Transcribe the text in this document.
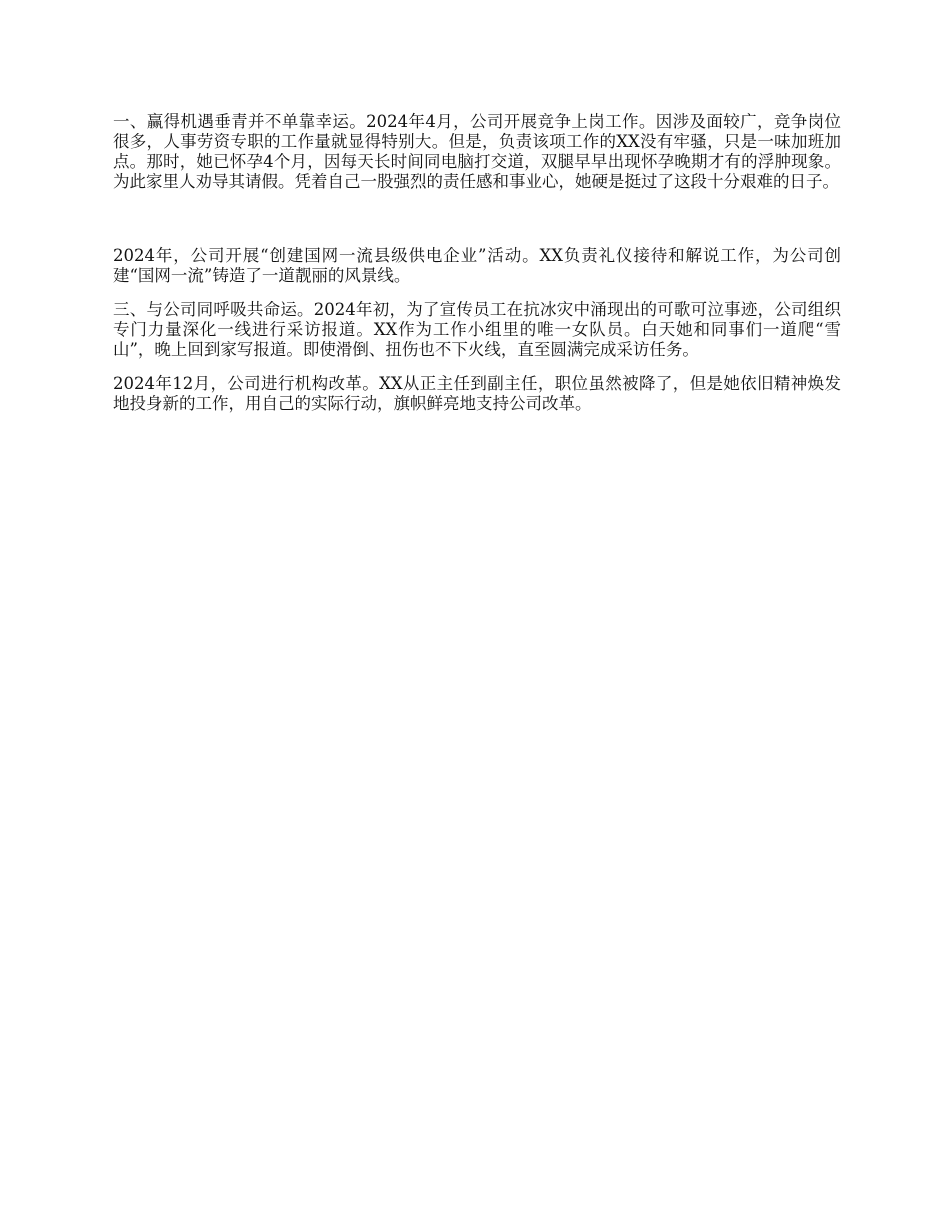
一、赢得机遇垂青并不单靠幸运。2024年4月，公司开展竞争上岗工作。因涉及面较广，竞争岗位很多，人事劳资专职的工作量就显得特别大。但是，负责该项工作的XX没有牢骚，只是一味加班加点。那时，她已怀孕4个月，因每天长时间同电脑打交道，双腿早早出现怀孕晚期才有的浮肿现象。为此家里人劝导其请假。凭着自己一股强烈的责任感和事业心，她硬是挺过了这段十分艰难的日子。

2024年，公司开展“创建国网一流县级供电企业”活动。XX负责礼仪接待和解说工作，为公司创建“国网一流”铸造了一道靓丽的风景线。

三、与公司同呼吸共命运。2024年初，为了宣传员工在抗冰灾中涌现出的可歌可泣事迹，公司组织专门力量深化一线进行采访报道。XX作为工作小组里的唯一女队员。白天她和同事们一道爬“雪山”，晚上回到家写报道。即使滑倒、扭伤也不下火线，直至圆满完成采访任务。

2024年12月，公司进行机构改革。XX从正主任到副主任，职位虽然被降了，但是她依旧精神焕发地投身新的工作，用自己的实际行动，旗帜鲜亮地支持公司改革。
